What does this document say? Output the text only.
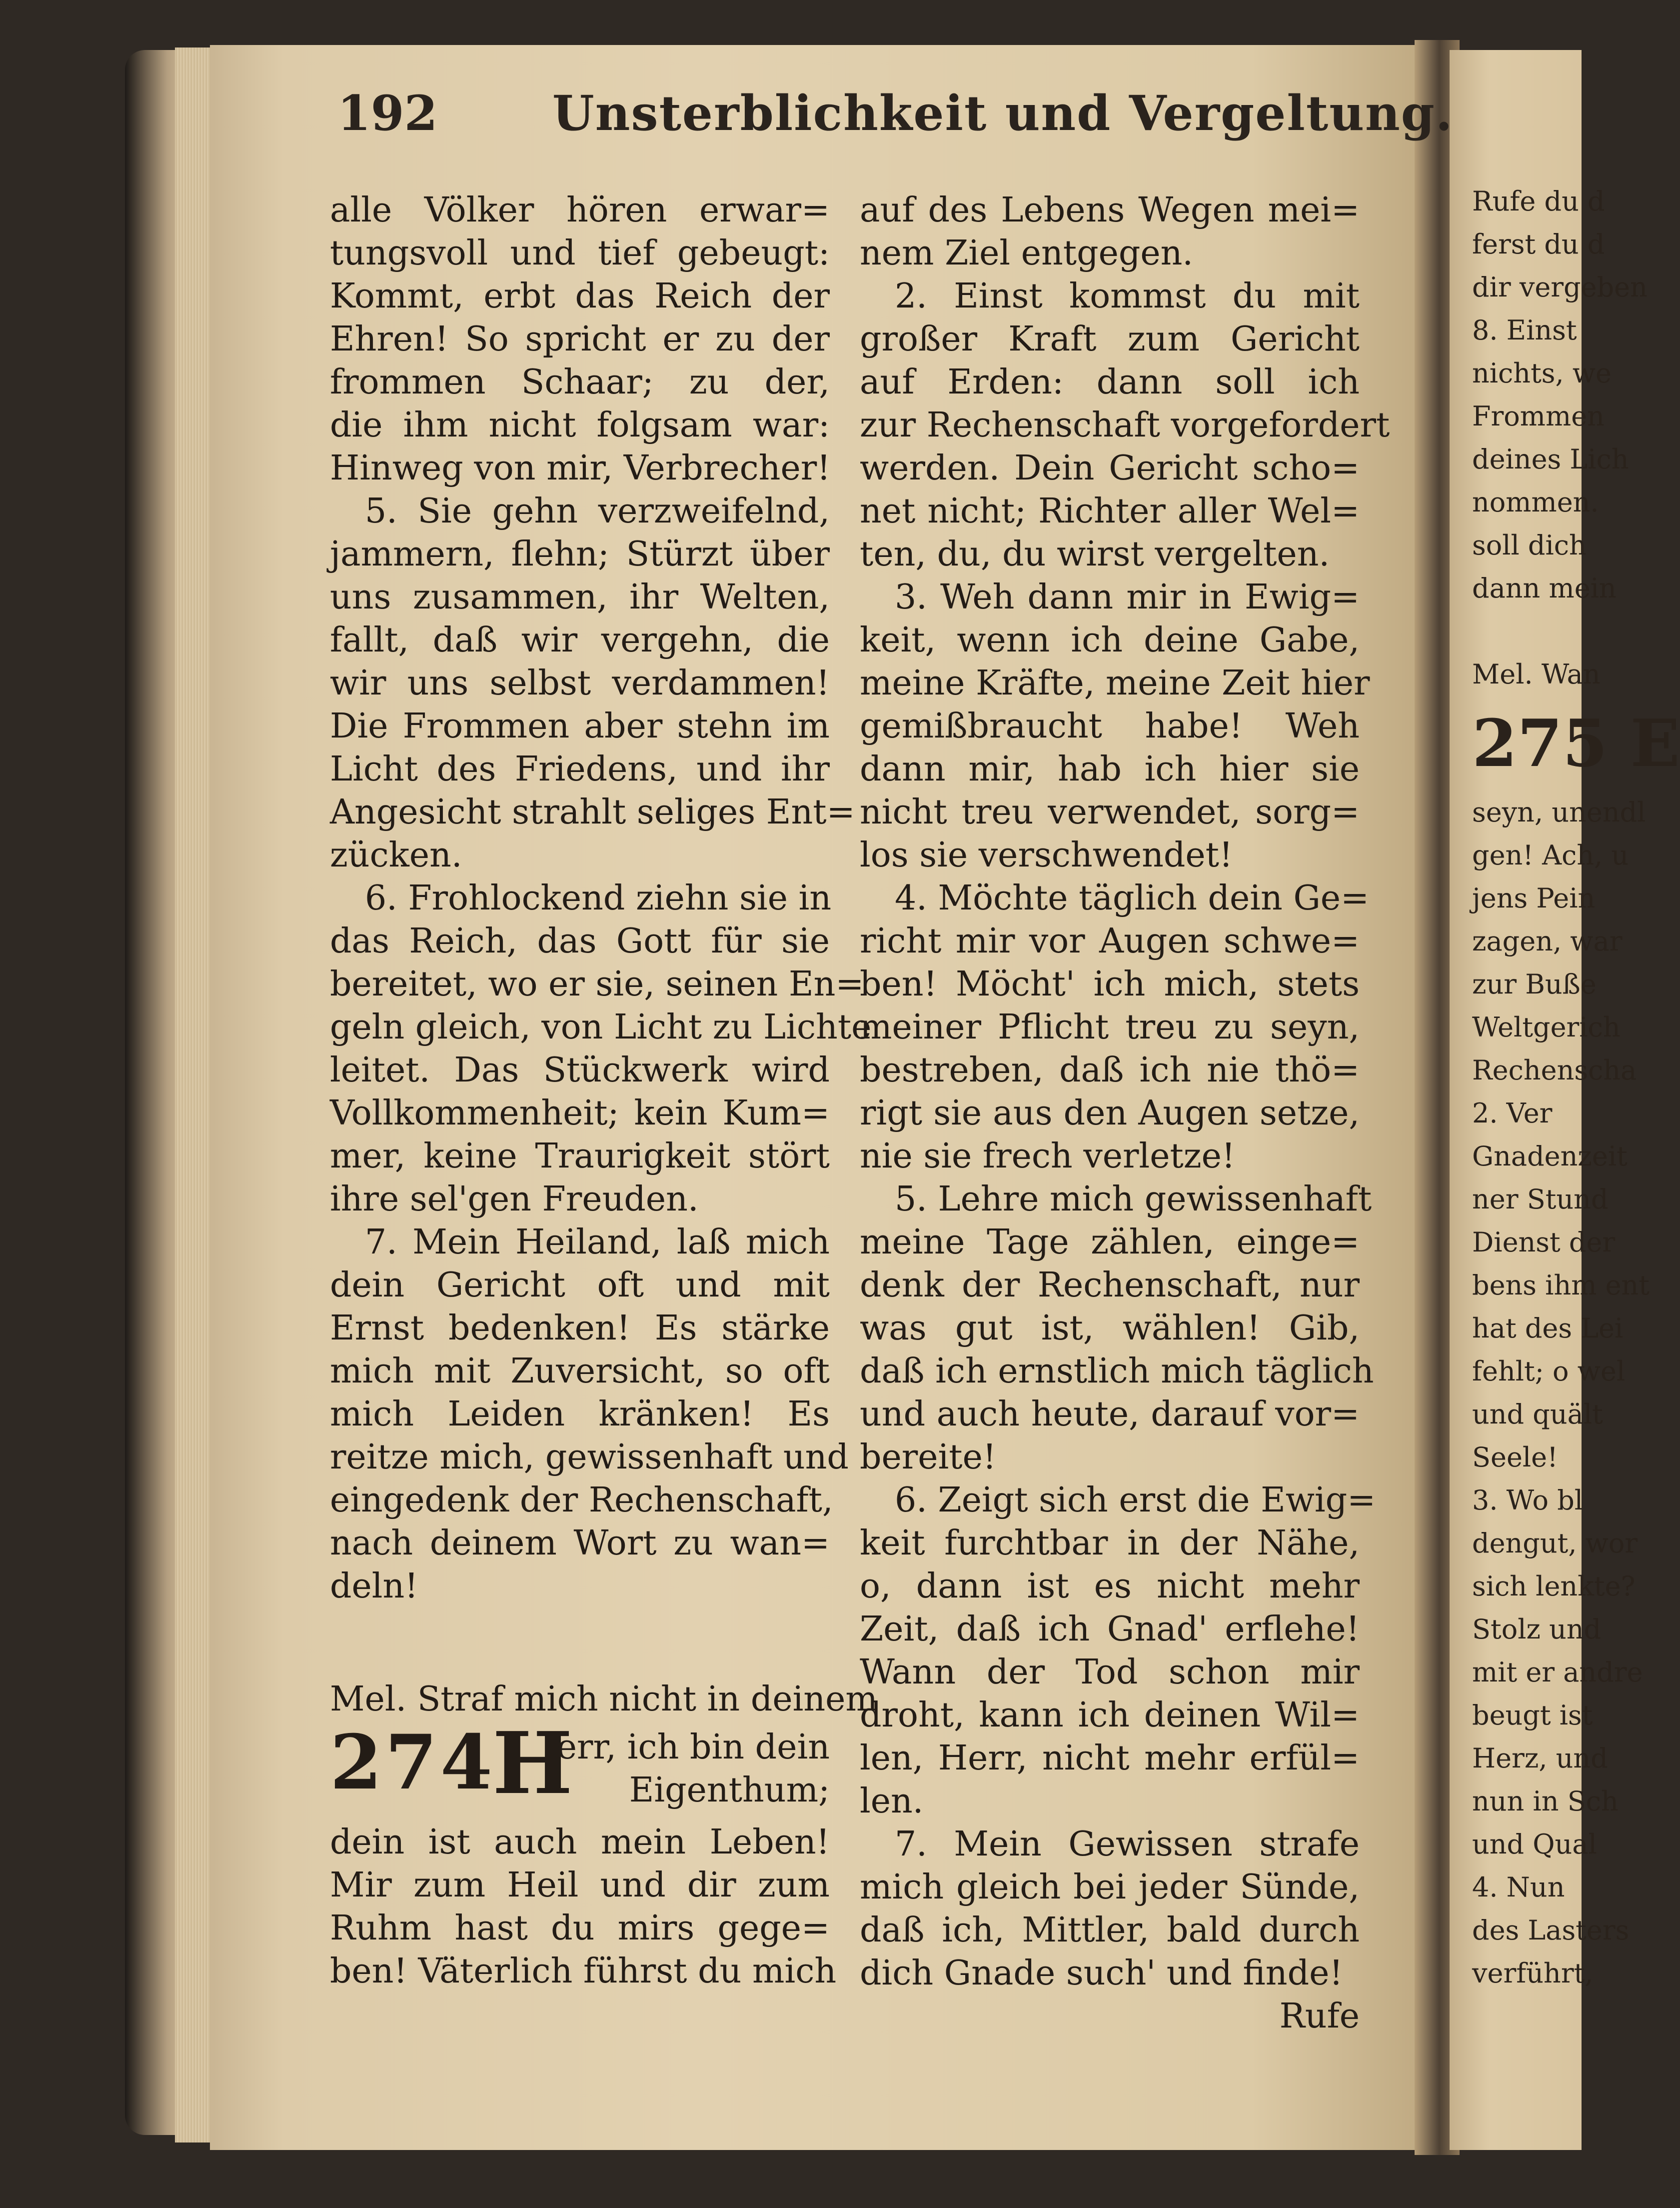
192 Unsterblichkeit und Vergeltung.
alle Völker hören erwar=
tungsvoll und tief gebeugt:
Kommt, erbt das Reich der
Ehren! So spricht er zu der
frommen Schaar; zu der,
die ihm nicht folgsam war:
Hinweg von mir, Verbrecher!
5. Sie gehn verzweifelnd,
jammern, flehn; Stürzt über
uns zusammen, ihr Welten,
fallt, daß wir vergehn, die
wir uns selbst verdammen!
Die Frommen aber stehn im
Licht des Friedens, und ihr
Angesicht strahlt seliges Ent=
zücken.
6. Frohlockend ziehn sie in
das Reich, das Gott für sie
bereitet, wo er sie, seinen En=
geln gleich, von Licht zu Lichte
leitet. Das Stückwerk wird
Vollkommenheit; kein Kum=
mer, keine Traurigkeit stört
ihre sel'gen Freuden.
7. Mein Heiland, laß mich
dein Gericht oft und mit
Ernst bedenken! Es stärke
mich mit Zuversicht, so oft
mich Leiden kränken! Es
reitze mich, gewissenhaft und
eingedenk der Rechenschaft,
nach deinem Wort zu wan=
deln!
Mel. Straf mich nicht in deinem
274
H
err, ich bin dein
Eigenthum;
dein ist auch mein Leben!
Mir zum Heil und dir zum
Ruhm hast du mirs gege=
ben! Väterlich führst du mich
auf des Lebens Wegen mei=
nem Ziel entgegen.
2. Einst kommst du mit
großer Kraft zum Gericht
auf Erden: dann soll ich
zur Rechenschaft vorgefordert
werden. Dein Gericht scho=
net nicht; Richter aller Wel=
ten, du, du wirst vergelten.
3. Weh dann mir in Ewig=
keit, wenn ich deine Gabe,
meine Kräfte, meine Zeit hier
gemißbraucht habe! Weh
dann mir, hab ich hier sie
nicht treu verwendet, sorg=
los sie verschwendet!
4. Möchte täglich dein Ge=
richt mir vor Augen schwe=
ben! Möcht' ich mich, stets
meiner Pflicht treu zu seyn,
bestreben, daß ich nie thö=
rigt sie aus den Augen setze,
nie sie frech verletze!
5. Lehre mich gewissenhaft
meine Tage zählen, einge=
denk der Rechenschaft, nur
was gut ist, wählen! Gib,
daß ich ernstlich mich täglich
und auch heute, darauf vor=
bereite!
6. Zeigt sich erst die Ewig=
keit furchtbar in der Nähe,
o, dann ist es nicht mehr
Zeit, daß ich Gnad' erflehe!
Wann der Tod schon mir
droht, kann ich deinen Wil=
len, Herr, nicht mehr erfül=
len.
7. Mein Gewissen strafe
mich gleich bei jeder Sünde,
daß ich, Mittler, bald durch
dich Gnade such' und finde!
Rufe
Rufe du d
ferst du d
dir vergeben
8. Einst
nichts, we
Frommen
deines Lich
nommen.
soll dich
dann mein
Mel. Wan
275 E
seyn, unendl
gen! Ach, u
jens Pein
zagen, war
zur Buße
Weltgerich
Rechenscha
2. Ver
Gnadenzeit
ner Stund
Dienst der
bens ihm ent
hat des Lei
fehlt; o wel
und quält
Seele!
3. Wo bl
dengut, wor
sich lenkte?
Stolz und
mit er andre
beugt ist
Herz, und
nun in Sch
und Qual
4. Nun
des Lasters
verführt,
